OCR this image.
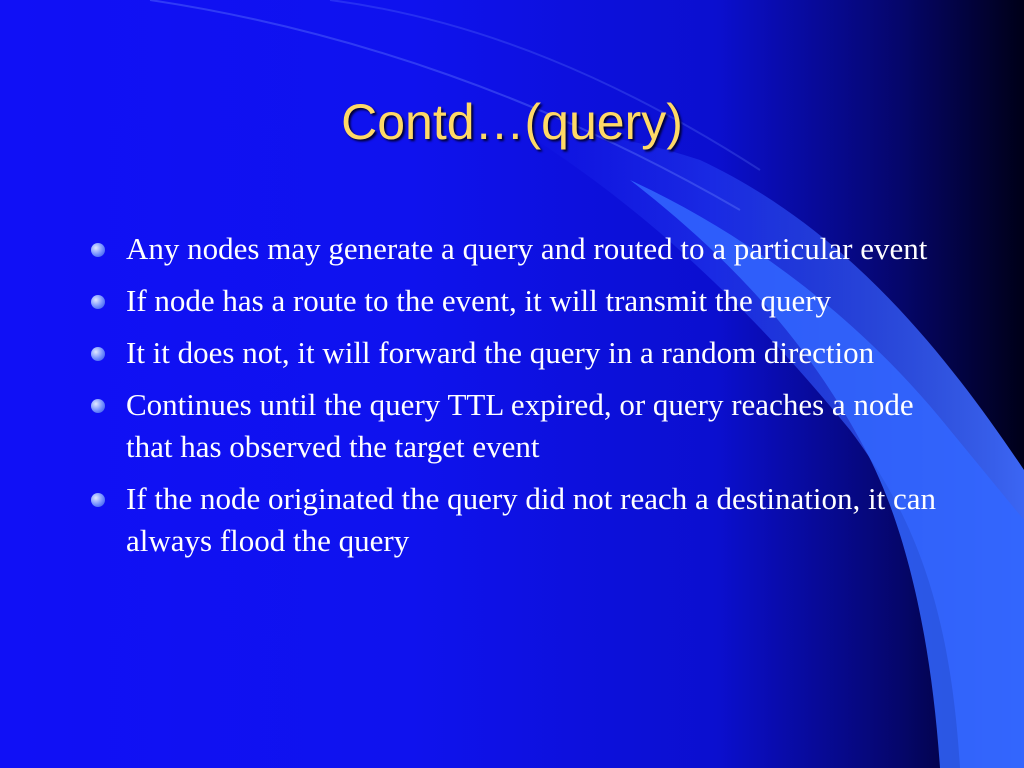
Contd…(query)
Any nodes may generate a query and routed to a particular event
If node has a route to the event, it will transmit the query
It it does not, it will forward the query in a random direction
Continues until the query TTL expired, or query reaches a node that has observed the target event
If the node originated the query did not reach a destination, it can always flood the query
